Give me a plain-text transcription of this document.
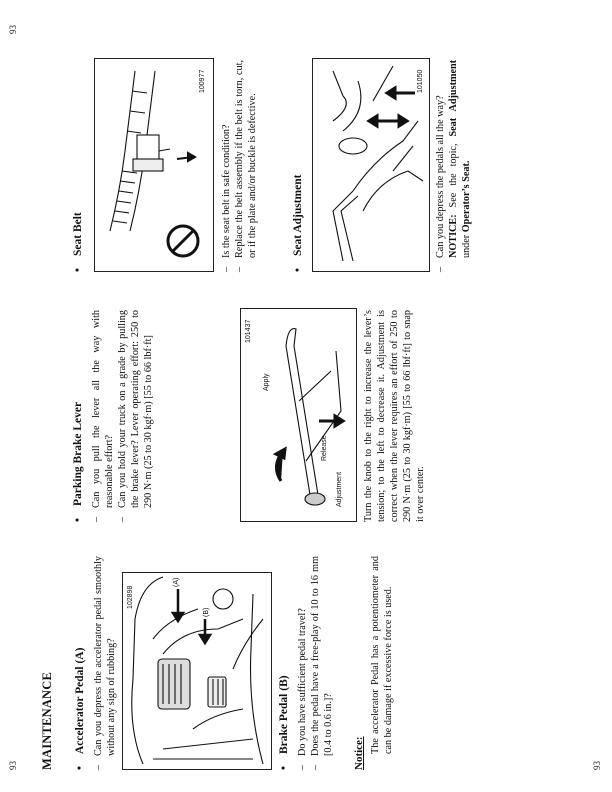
93
93
93
MAINTENANCE •Accelerator Pedal (A)
–
Can you depress the accelerator pedal smoothly without any sign of rubbing?
(A)
(B)
102898
•Brake Pedal (B)
–
Do you have sufficient pedal travel?
–
Does the pedal have a free-play of 10 to 16 mm [0.4 to 0.6 in.]? Notice: The accelerator Pedal has a potentiometer and can be damage if excessive force is used.
•Parking Brake Lever
–
Can you pull the lever all the way with reasonable effort?
–
Can you hold your truck on a grade by pulling the brake lever? Lever operating effort: 250 to 290 N·m (25 to 30 kgf·m) [55 to 66 lbf·ft]	Adjustment
Release
Apply
101437	Turn the knob to the right to increase the lever’s tension; to the left to decrease it. Adjustment is correct when the lever requires an effort of 250 to 290 N·m (25 to 30 kgf·m) [55 to 66 lbf·ft] to snap it over center.
•Seat Belt
100977
–
Is the seat belt in safe condition?
–
Replace the belt assembly if the belt is torn, cut, or if the plate and/or buckle is defective.
•Seat Adjustment
101050
–
Can you depress the pedals all the way? NOTICE: See the topic, Seat Adjustment under Operator’s Seat.
